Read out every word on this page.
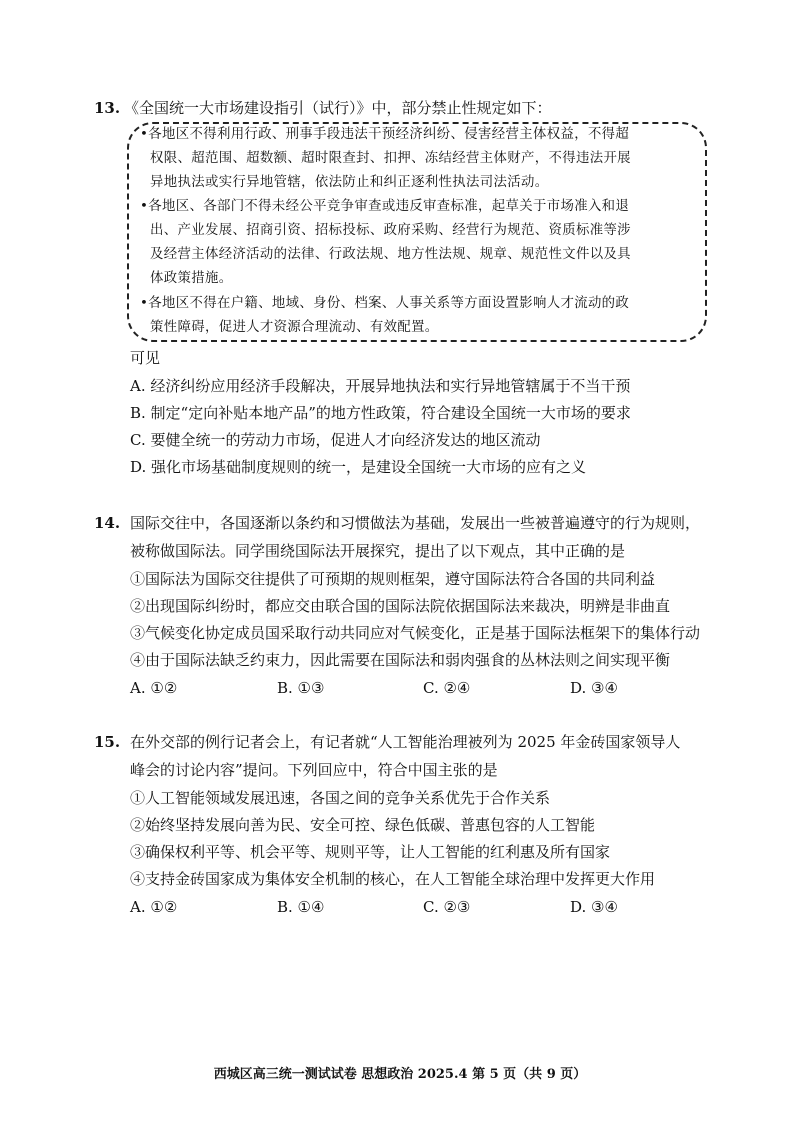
13. 《全国统一大市场建设指引（试行）》中，部分禁止性规定如下：
•各地区不得利用行政、刑事手段违法干预经济纠纷、侵害经营主体权益，不得超
权限、超范围、超数额、超时限查封、扣押、冻结经营主体财产，不得违法开展
异地执法或实行异地管辖，依法防止和纠正逐利性执法司法活动。
•各地区、各部门不得未经公平竞争审查或违反审查标准，起草关于市场准入和退
出、产业发展、招商引资、招标投标、政府采购、经营行为规范、资质标准等涉
及经营主体经济活动的法律、行政法规、地方性法规、规章、规范性文件以及具
体政策措施。
•各地区不得在户籍、地域、身份、档案、人事关系等方面设置影响人才流动的政
策性障碍，促进人才资源合理流动、有效配置。
可见
A. 经济纠纷应用经济手段解决，开展异地执法和实行异地管辖属于不当干预
B. 制定“定向补贴本地产品”的地方性政策，符合建设全国统一大市场的要求
C. 要健全统一的劳动力市场，促进人才向经济发达的地区流动
D. 强化市场基础制度规则的统一，是建设全国统一大市场的应有之义
14. 国际交往中，各国逐渐以条约和习惯做法为基础，发展出一些被普遍遵守的行为规则，
被称做国际法。同学围绕国际法开展探究，提出了以下观点，其中正确的是
①国际法为国际交往提供了可预期的规则框架，遵守国际法符合各国的共同利益
②出现国际纠纷时，都应交由联合国的国际法院依据国际法来裁决，明辨是非曲直
③气候变化协定成员国采取行动共同应对气候变化，正是基于国际法框架下的集体行动
④由于国际法缺乏约束力，因此需要在国际法和弱肉强食的丛林法则之间实现平衡
A. ①②	B. ①③	C. ②④	D. ③④
15. 在外交部的例行记者会上，有记者就“人工智能治理被列为 2025 年金砖国家领导人
峰会的讨论内容”提问。下列回应中，符合中国主张的是
①人工智能领域发展迅速，各国之间的竞争关系优先于合作关系
②始终坚持发展向善为民、安全可控、绿色低碳、普惠包容的人工智能
③确保权利平等、机会平等、规则平等，让人工智能的红利惠及所有国家
④支持金砖国家成为集体安全机制的核心，在人工智能全球治理中发挥更大作用
A. ①②	B. ①④	C. ②③	D. ③④
西城区高三统一测试试卷 思想政治 2025.4 第 5 页（共 9 页）
